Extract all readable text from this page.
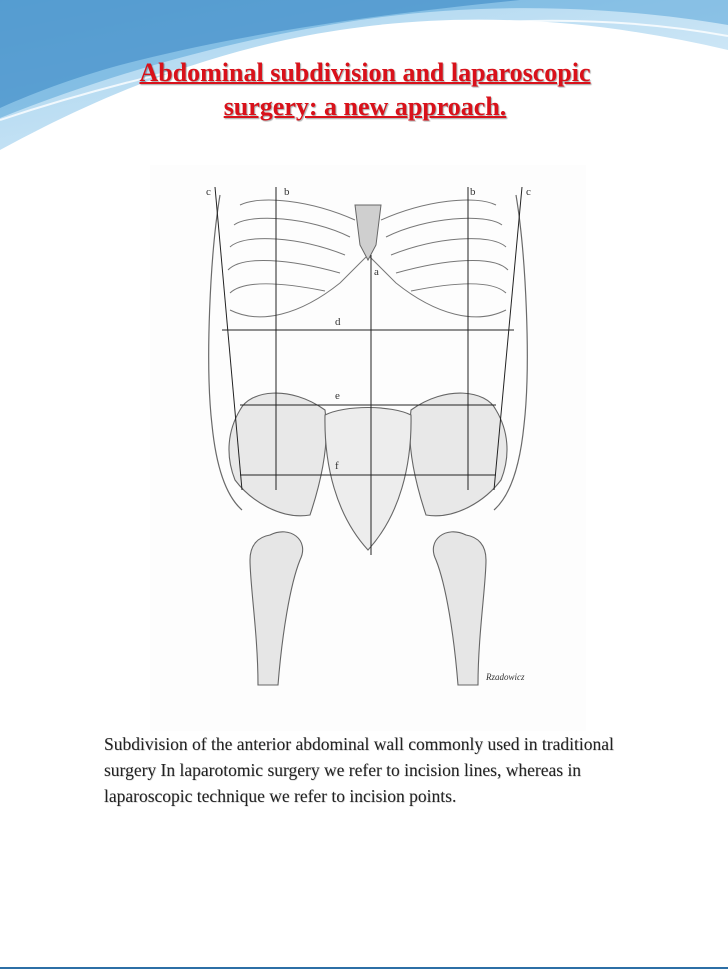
Abdominal subdivision and laparoscopic
surgery: a new approach.
c	b	b	c
a
d
e
f
Rzadowicz
Subdivision of the anterior abdominal wall commonly used in traditional surgery In laparotomic surgery we refer to incision lines, whereas in laparoscopic technique we refer to incision points.
